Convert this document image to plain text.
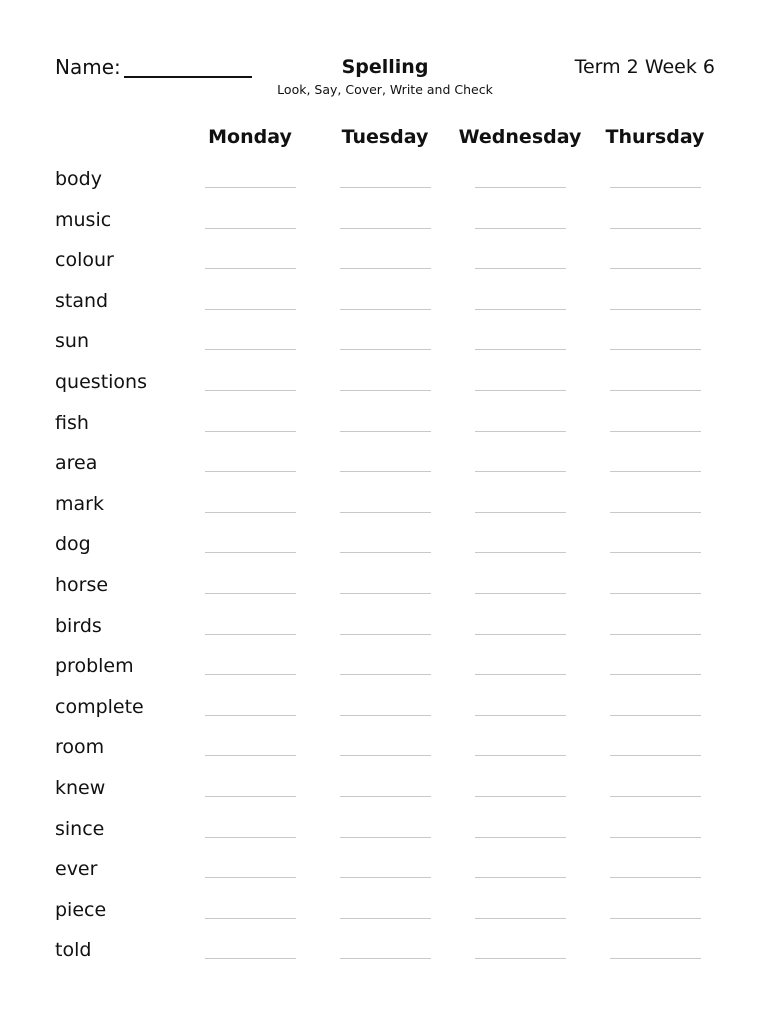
Name:	Spelling
Look, Say, Cover, Write and Check
Term 2 Week 6
Monday	Tuesday	Wednesday	Thursday
body
music
colour
stand
sun
questions
fish
area
mark
dog
horse
birds
problem
complete
room
knew
since
ever
piece
told
